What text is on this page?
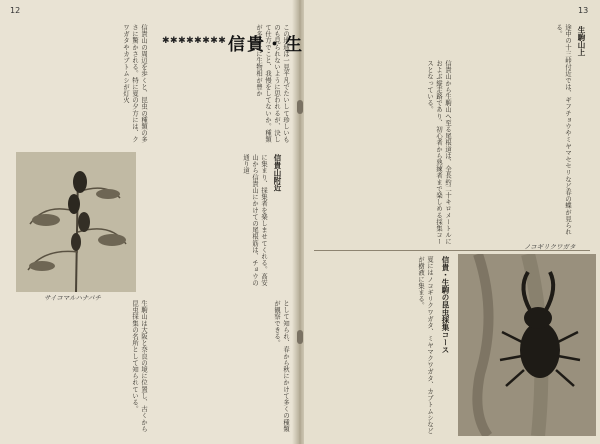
12
この地域は一見平凡でたいして珍しいものも見られないように思われるが、決して仕方でこと、我慢をしてないか。種類が多い上に生物相が豊か
信貴山の周辺を歩くと、昆虫の種類の多さに驚かされる。特に夏の夕方には、クワガタやカブトムシが灯火
信貴山附近
に集まり、採集者を楽しませてくれる。高安山から信貴山にかけての尾根筋は、チョウの通り道
サイコマルハナバチ
として知られ、春から秋にかけて多くの種類が観察できる。
生駒山は大阪と奈良の境に位置し、古くから昆虫採集の名所として知られている。
✱✱✱✱✱✱✱✱ 信貴・生
13
信貴山から生駒山へ至る尾根道は、全長約二十キロメートルにおよぶ縦走路であり、初心者から熟練者まで楽しめる採集コースとなっている。
生駒山上
途中の十三峠付近では、ギフチョウやミヤマセセリなど春の蝶が見られる。
信貴・生駒の昆虫採集コース
夏にはノコギリクワガタ、ミヤマクワガタ、カブトムシなどが樹液に集まる。
ノコギリクワガタ
